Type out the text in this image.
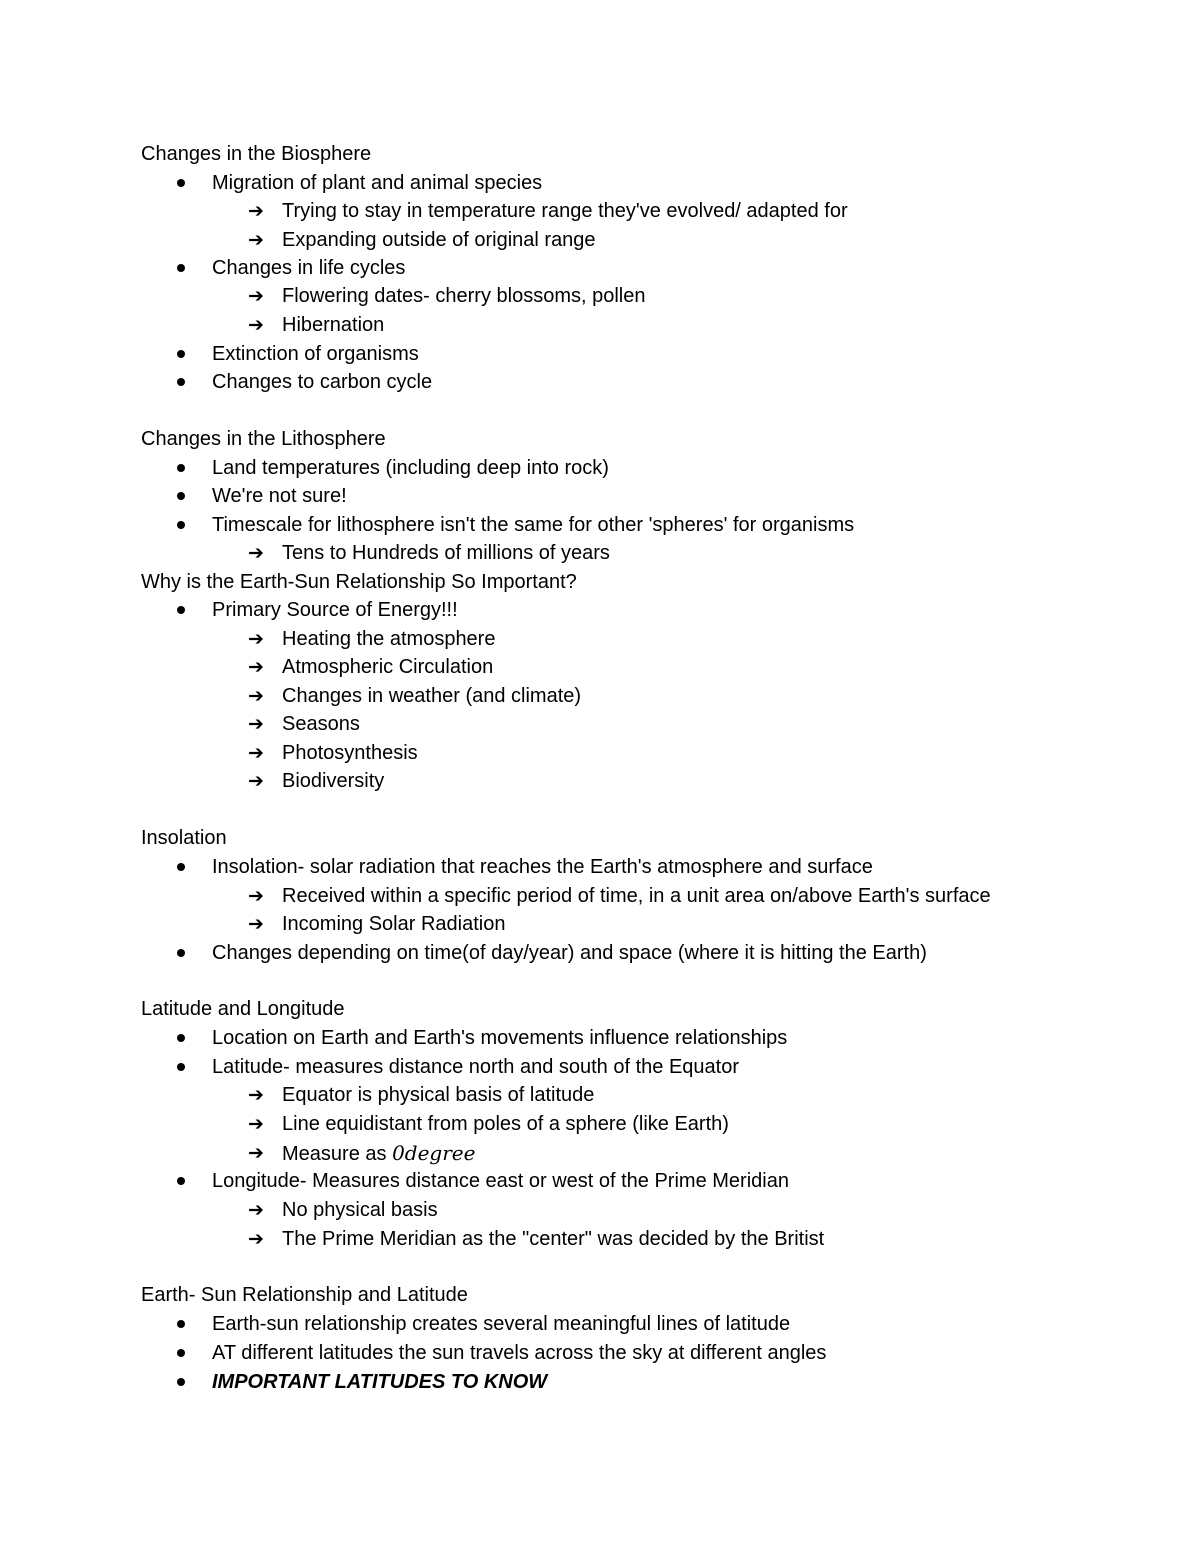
Changes in the Biosphere
Migration of plant and animal species
➔ Trying to stay in temperature range they've evolved/ adapted for
➔ Expanding outside of original range
Changes in life cycles
➔ Flowering dates- cherry blossoms, pollen
➔ Hibernation
Extinction of organisms
Changes to carbon cycle
Changes in the Lithosphere
Land temperatures (including deep into rock)
We're not sure!
Timescale for lithosphere isn't the same for other 'spheres' for organisms
➔ Tens to Hundreds of millions of years
Why is the Earth-Sun Relationship So Important?
Primary Source of Energy!!!
➔ Heating the atmosphere
➔ Atmospheric Circulation
➔ Changes in weather (and climate)
➔ Seasons
➔ Photosynthesis
➔ Biodiversity
Insolation
Insolation- solar radiation that reaches the Earth's atmosphere and surface
➔ Received within a specific period of time, in a unit area on/above Earth's surface
➔ Incoming Solar Radiation
Changes depending on time(of day/year) and space (where it is hitting the Earth)
Latitude and Longitude
Location on Earth and Earth's movements influence relationships
Latitude- measures distance north and south of the Equator
➔ Equator is physical basis of latitude
➔ Line equidistant from poles of a sphere (like Earth)
➔ Measure as 0degree
Longitude- Measures distance east or west of the Prime Meridian
➔ No physical basis
➔ The Prime Meridian as the "center" was decided by the Britist
Earth- Sun Relationship and Latitude
Earth-sun relationship creates several meaningful lines of latitude
AT different latitudes the sun travels across the sky at different angles
IMPORTANT LATITUDES TO KNOW
